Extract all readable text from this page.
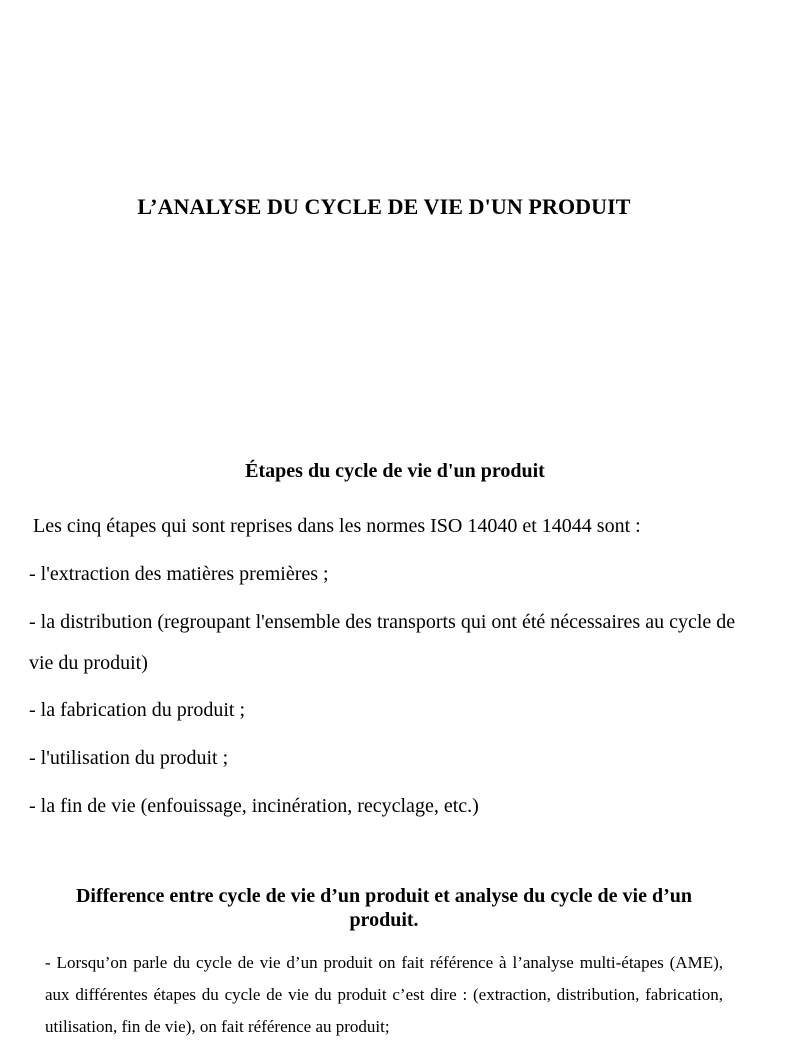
L’ANALYSE DU CYCLE DE VIE D'UN PRODUIT
Étapes du cycle de vie d'un produit

Les cinq étapes qui sont reprises dans les normes ISO 14040 et 14044 sont :

- l'extraction des matières premières ;

- la distribution (regroupant l'ensemble des transports qui ont été nécessaires au cycle de vie du produit)

- la fabrication du produit ;

- l'utilisation du produit ;

- la fin de vie (enfouissage, incinération, recyclage, etc.)

Difference entre cycle de vie d’un produit et analyse du cycle de vie d’un produit.

- Lorsqu’on parle du cycle de vie d’un produit on fait référence à l’analyse multi-étapes (AME), aux différentes étapes du cycle de vie du produit c’est dire : (extraction, distribution, fabrication, utilisation, fin de vie), on fait référence au produit;
